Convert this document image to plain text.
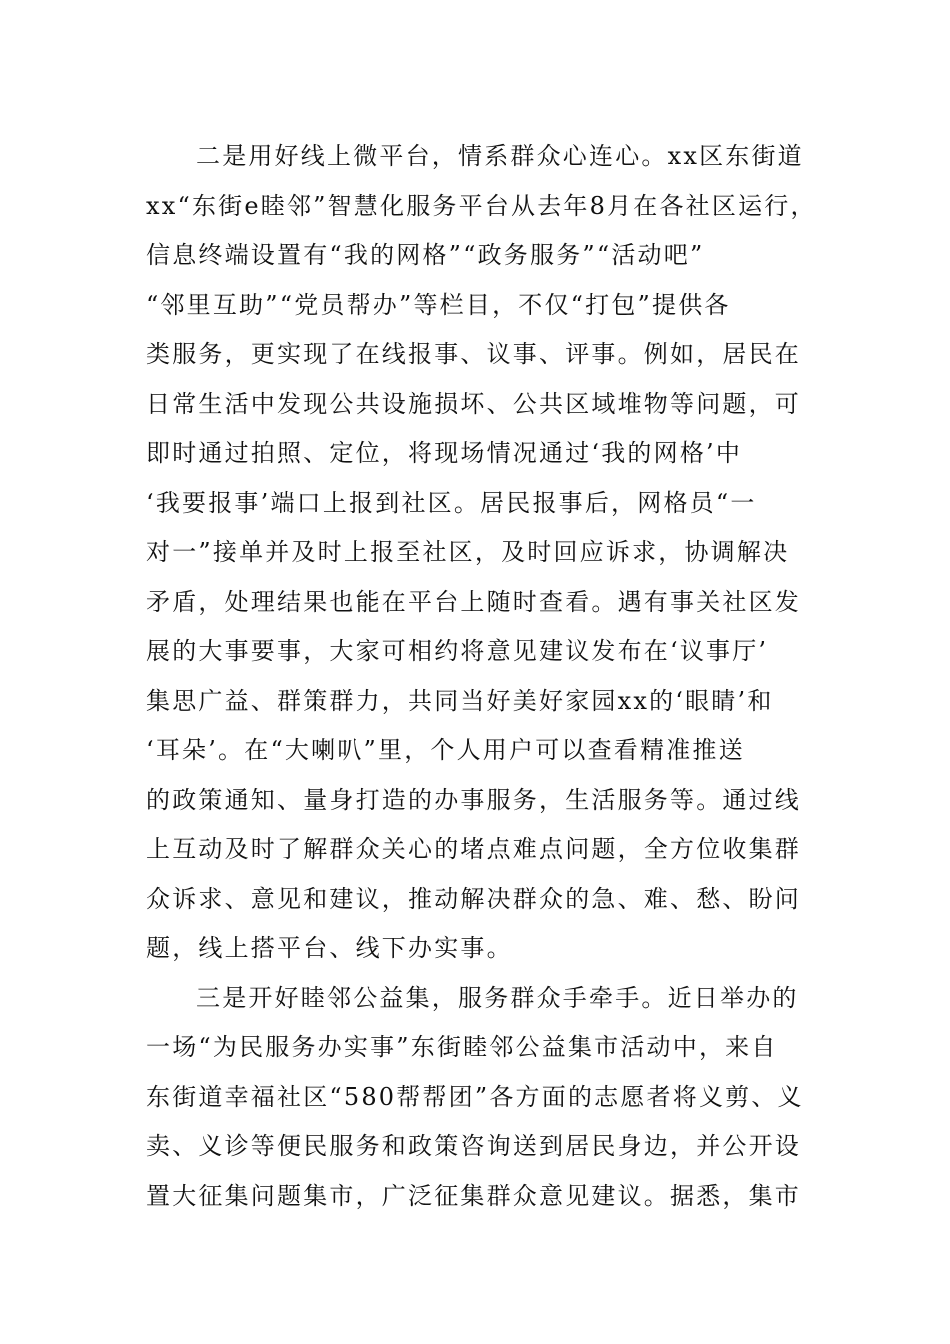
二是用好线上微平台，情系群众心连心。xx区东街道
xx“东街e睦邻”智慧化服务平台从去年8月在各社区运行，
信息终端设置有“我的网格”“政务服务”“活动吧”
“邻里互助”“党员帮办”等栏目，不仅“打包”提供各
类服务，更实现了在线报事、议事、评事。例如，居民在
日常生活中发现公共设施损坏、公共区域堆物等问题，可
即时通过拍照、定位，将现场情况通过‘我的网格’中
‘我要报事’端口上报到社区。居民报事后，网格员“一
对一”接单并及时上报至社区，及时回应诉求，协调解决
矛盾，处理结果也能在平台上随时查看。遇有事关社区发
展的大事要事，大家可相约将意见建议发布在‘议事厅’
集思广益、群策群力，共同当好美好家园xx的‘眼睛’和
‘耳朵’。在“大喇叭”里，个人用户可以查看精准推送
的政策通知、量身打造的办事服务，生活服务等。通过线
上互动及时了解群众关心的堵点难点问题，全方位收集群
众诉求、意见和建议，推动解决群众的急、难、愁、盼问
题，线上搭平台、线下办实事。
三是开好睦邻公益集，服务群众手牵手。近日举办的
一场“为民服务办实事”东街睦邻公益集市活动中，来自
东街道幸福社区“580帮帮团”各方面的志愿者将义剪、义
卖、义诊等便民服务和政策咨询送到居民身边，并公开设
置大征集问题集市，广泛征集群众意见建议。据悉，集市
